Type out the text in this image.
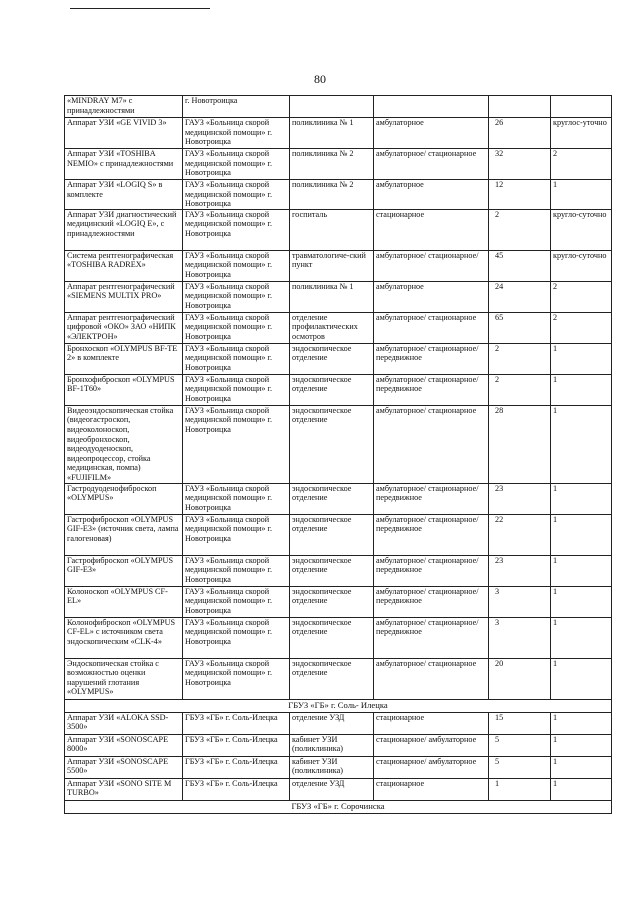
80
«MINDRAY M7» с принадлежностями	г. Новотроицка				
Аппарат УЗИ «GE VIVID 3»	ГАУЗ «Больница скорой медицинской помощи» г. Новотроицка	поликлиника № 1	амбулаторное	26	круглос-уточно
Аппарат УЗИ «TOSHIBA NEMIO» с принадлежностями	ГАУЗ «Больница скорой медицинской помощи» г. Новотроицка	поликлиника № 2	амбулаторное/ стационарное	32	2
Аппарат УЗИ «LOGIQ S» в комплекте	ГАУЗ «Больница скорой медицинской помощи» г. Новотроицка	поликлиника № 2	амбулаторное	12	1
Аппарат УЗИ диагностический медицинский «LOGIQ E», с принадлежностями	ГАУЗ «Больница скорой медицинской помощи» г. Новотроицка	госпиталь	стационарное	2	кругло-суточно
Система рентгенографическая «TOSHIBA RADREX»	ГАУЗ «Больница скорой медицинской помощи» г. Новотроицка	травматологиче-ский пункт	амбулаторное/ стационарное/	45	кругло-суточно
Аппарат рентгенографический «SIEMENS MULTIX PRO»	ГАУЗ «Больница скорой медицинской помощи» г. Новотроицка	поликлиника № 1	амбулаторное	24	2
Аппарат рентгенографический цифровой «ОКО» ЗАО «НИПК «ЭЛЕКТРОН»	ГАУЗ «Больница скорой медицинской помощи» г. Новотроицка	отделение профилактических осмотров	амбулаторное/ стационарное	65	2
Бронхоскоп «OLYMPUS BF-TE 2» в комплекте	ГАУЗ «Больница скорой медицинской помощи» г. Новотроицка	эндоскопическое отделение	амбулаторное/ стационарное/ передвижное	2	1
Бронхофиброскоп «OLYMPUS BF-1T60»	ГАУЗ «Больница скорой медицинской помощи» г. Новотроицка	эндоскопическое отделение	амбулаторное/ стационарное/ передвижное	2	1
Видеоэндоскопическая стойка (видеогастроскоп, видеоколоноскоп, видеобронхоскоп, видеодуоденоскоп, видеопроцессор, стойка медицинская, помпа) «FUJIFILM»	ГАУЗ «Больница скорой медицинской помощи» г. Новотроицка	эндоскопическое отделение	амбулаторное/ стационарное	28	1
Гастродуоденофиброскоп «OLYMPUS»	ГАУЗ «Больница скорой медицинской помощи» г. Новотроицка	эндоскопическое отделение	амбулаторное/ стационарное/ передвижное	23	1
Гастрофиброскоп «OLYMPUS GIF-E3» (источник света, лампа галогеновая)	ГАУЗ «Больница скорой медицинской помощи» г. Новотроицка	эндоскопическое отделение	амбулаторное/ стационарное/ передвижное	22	1
Гастрофиброскоп «OLYMPUS GIF-E3»	ГАУЗ «Больница скорой медицинской помощи» г. Новотроицка	эндоскопическое отделение	амбулаторное/ стационарное/ передвижное	23	1
Колоноскоп «OLYMPUS CF-EL»	ГАУЗ «Больница скорой медицинской помощи» г. Новотроицка	эндоскопическое отделение	амбулаторное/ стационарное/ передвижное	3	1
Колонофиброскоп «OLYMPUS CF-EL» с источником света эндоскопическим «CLK-4»	ГАУЗ «Больница скорой медицинской помощи» г. Новотроицка	эндоскопическое отделение	амбулаторное/ стационарное/ передвижное	3	1
Эндоскопическая стойка с возможностью оценки нарушений глотания «OLYMPUS»	ГАУЗ «Больница скорой медицинской помощи» г. Новотроицка	эндоскопическое отделение	амбулаторное/ стационарное	20	1
ГБУЗ «ГБ» г. Соль- Илецка					
Аппарат УЗИ «ALOKA SSD-3500»	ГБУЗ «ГБ» г. Соль-Илецка	отделение УЗД	стационарное	15	1
Аппарат УЗИ «SONOSCAPE 8000»	ГБУЗ «ГБ» г. Соль-Илецка	кабинет УЗИ (поликлиника)	стационарное/ амбулаторное	5	1
Аппарат УЗИ «SONOSCAPE 5500»	ГБУЗ «ГБ» г. Соль-Илецка	кабинет УЗИ (поликлиника)	стационарное/ амбулаторное	5	1
Аппарат УЗИ «SONO SITE M TURBO»	ГБУЗ «ГБ» г. Соль-Илецка	отделение УЗД	стационарное	1	1
ГБУЗ «ГБ» г. Сорочинска					
